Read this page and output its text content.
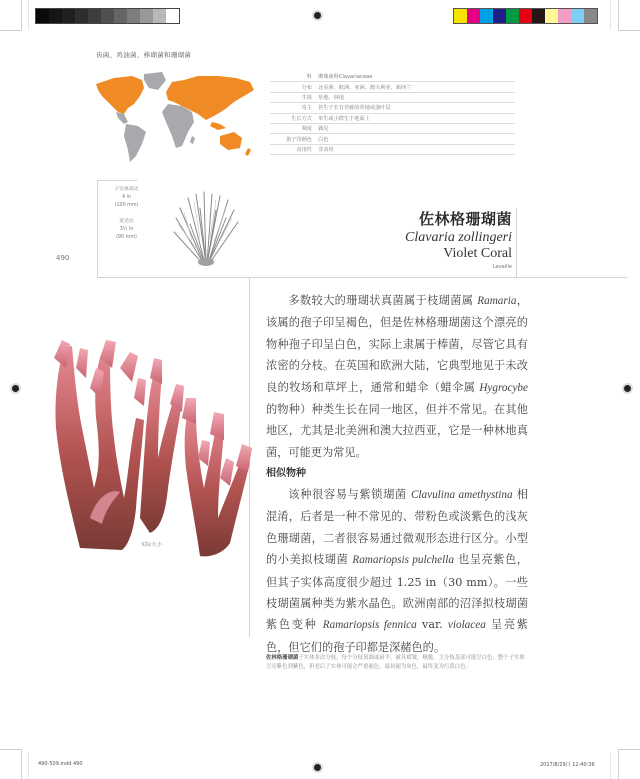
齿菌、鸡油菌、棒瑚菌和珊瑚菌
科	珊瑚菌科Clavariaceae
分布	北美洲、欧洲、亚洲、澳大利亚、新西兰
生境	草地、林地
寄主	苔生于长有苔藓的草地或落叶层
生长方式	单生或小群生于地面上
频度	偶见
孢子印颜色	白色
食用性	非食用
子实体高达
4 in
(100 mm)
宽达达
3½ in
(90 mm)
佐林格珊瑚菌
Clavaria zollingeri
Violet Coral
Leveille
490
实际大小

多数较大的珊瑚状真菌属于枝瑚菌属 Ramaria，该属的孢子印呈褐色，但是佐林格珊瑚菌这个漂亮的物种孢子印呈白色，实际上隶属于棒菌，尽管它具有浓密的分枝。在英国和欧洲大陆，它典型地见于未改良的牧场和草坪上，通常和蜡伞（蜡伞属 Hygrocybe 的物种）种类生长在同一地区，但并不常见。在其他地区，尤其是北美洲和澳大拉西亚，它是一种林地真菌，可能更为常见。

相似物种

该种很容易与紫锁瑚菌 Clavulina amethystina 相混淆，后者是一种不常见的、带粉色或淡紫色的浅灰色珊瑚菌，二者很容易通过微观形态进行区分。小型的小美拟枝瑚菌 Ramariopsis pulchella 也呈亮紫色，但其子实体高度很少超过 1.25 in（30 mm）。一些枝瑚菌属种类为紫水晶色。欧洲南部的沼泽拟枝瑚菌紫色变种 Ramariopsis fennica var. violacea 呈亮紫色，但它们的孢子印都是深赭色的。

佐林格珊瑚菌子实体多次分枝，每个分枝顶圆或扁平，被具褶皱，极脆。主分枝基部可能呈白色，整个子实体呈亮紫色到紫色，但老后子实体可能会严重褪色，最初褪为灰色，最终变为污黄白色。
490-509.indd 490	2017/8/29日 12:40:36
